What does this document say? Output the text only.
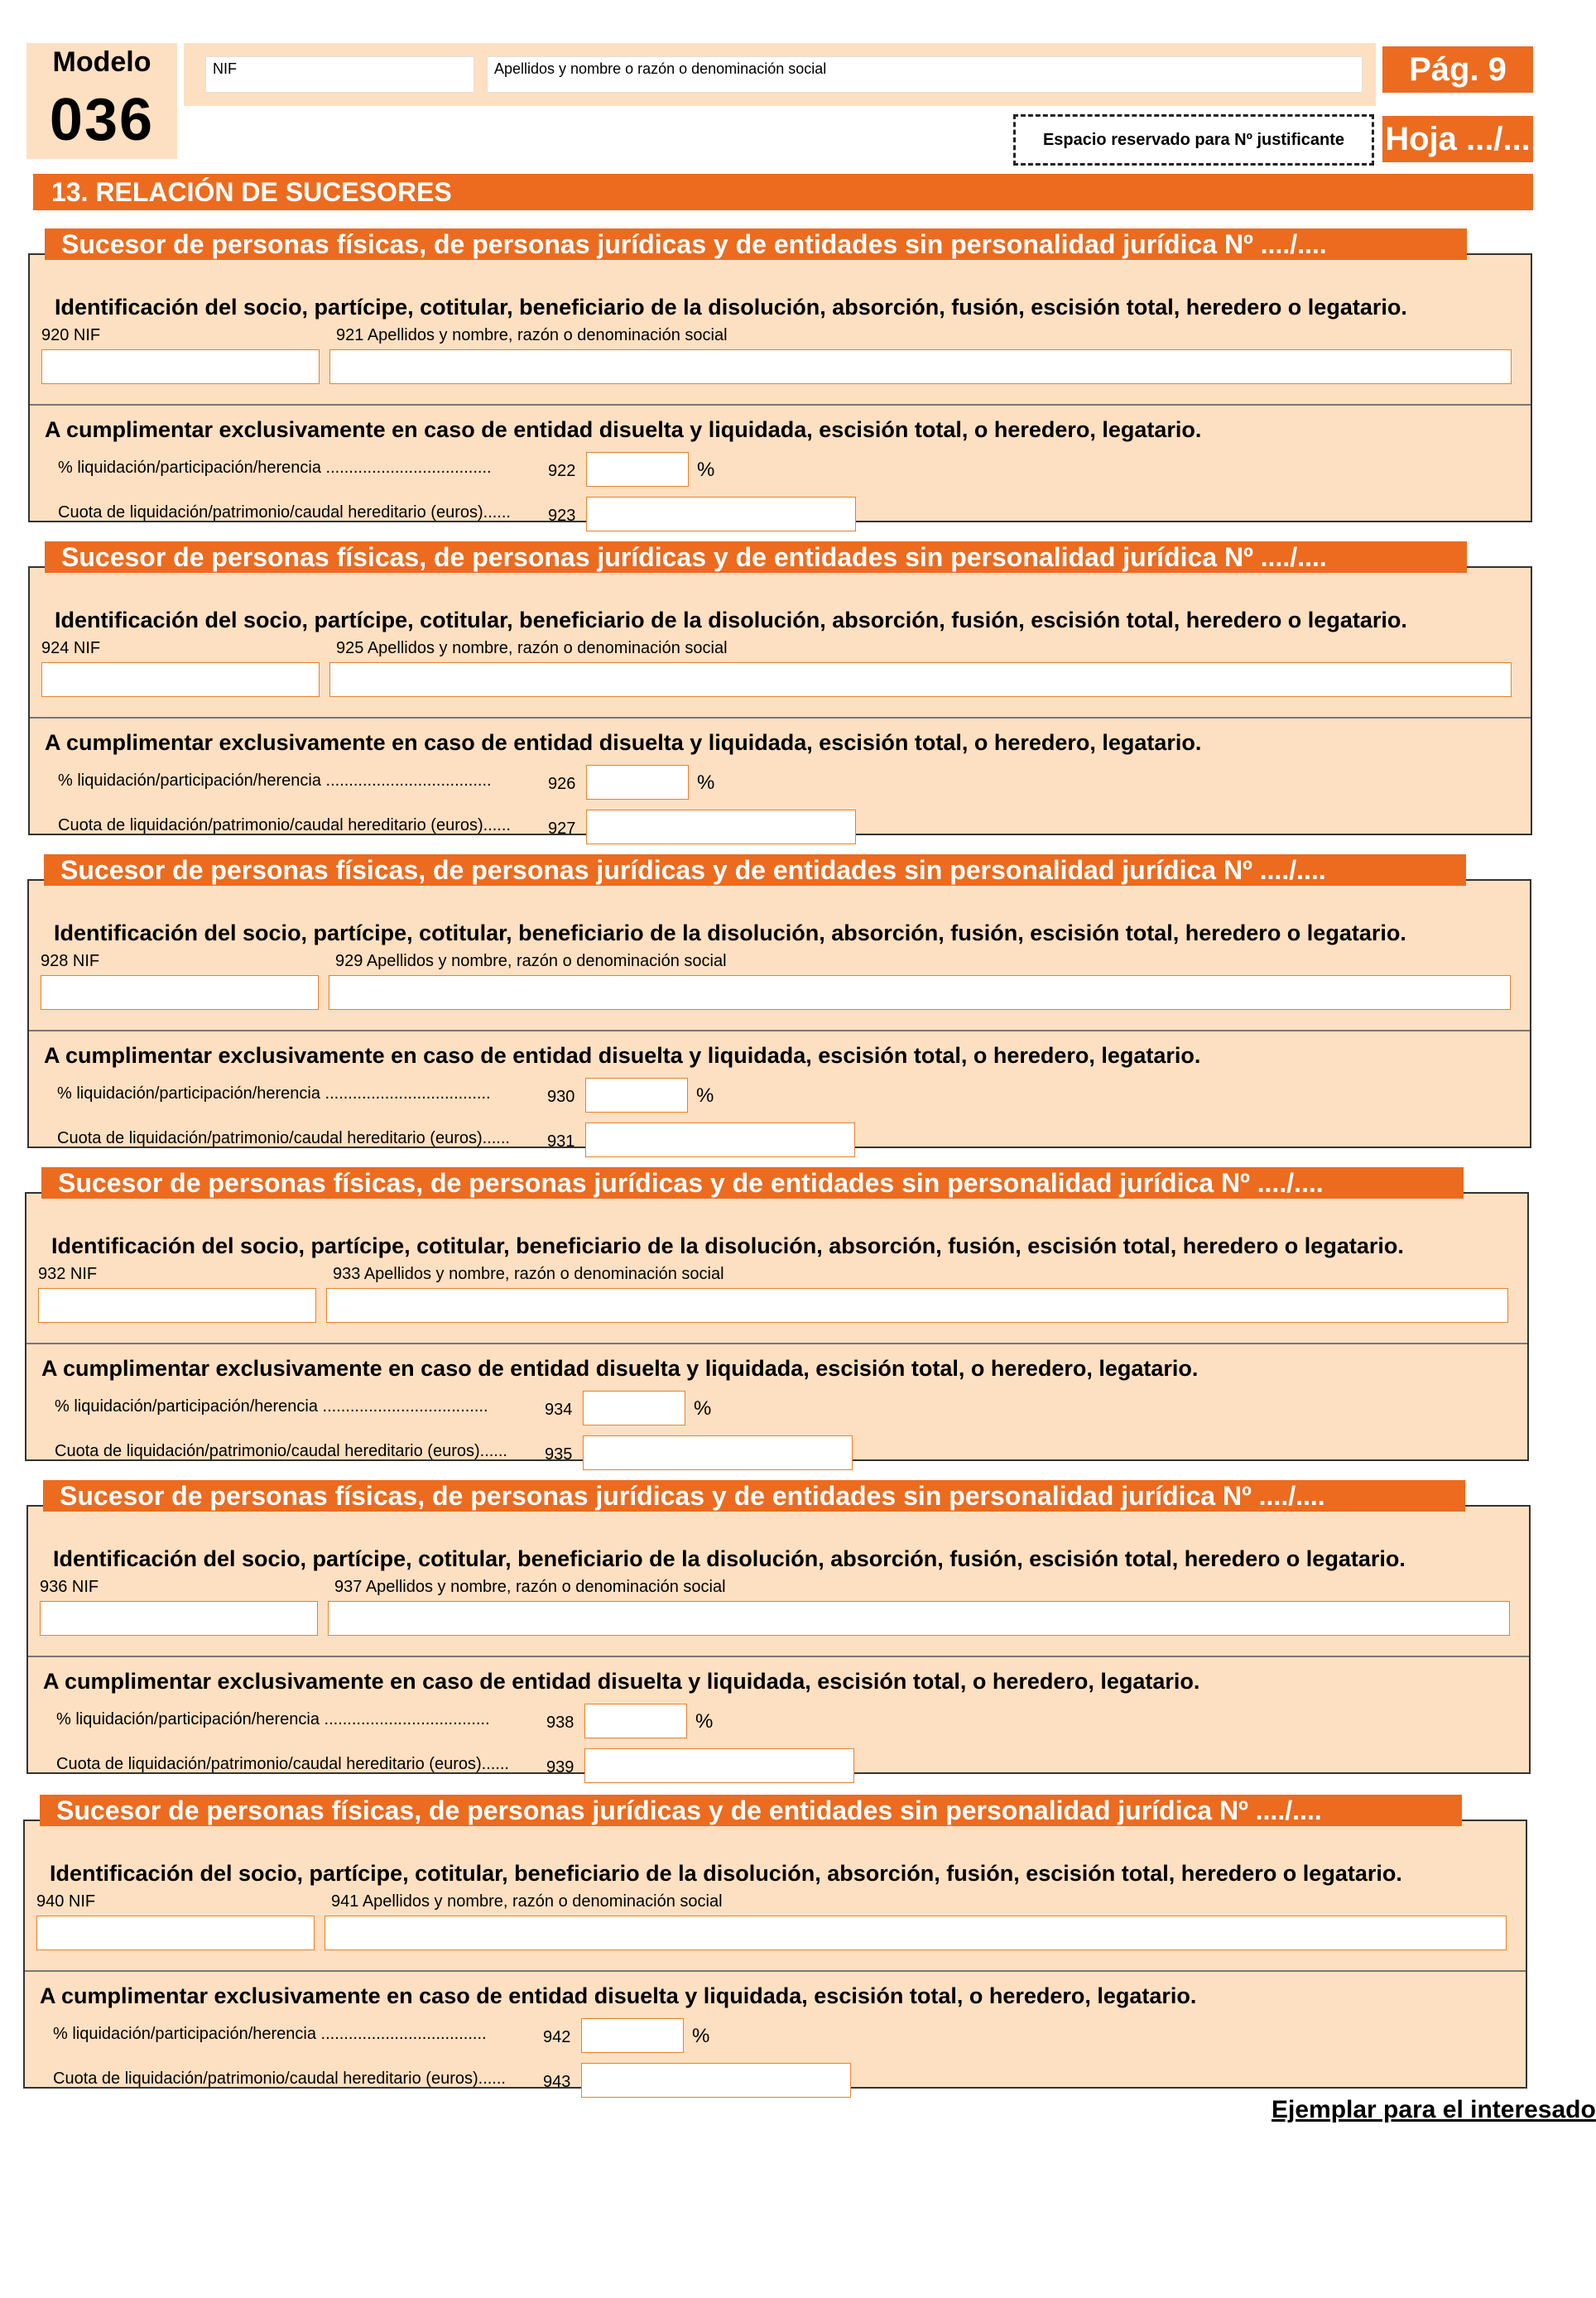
Modelo
036
NIF	Apellidos y nombre o razón o denominación social	Pág. 9
Espacio reservado para Nº justificante	Hoja .../...
13. RELACIÓN DE SUCESORES
Identificación del socio, partícipe, cotitular, beneficiario de la disolución, absorción, fusión, escisión total, heredero o legatario.
920 NIF	921 Apellidos y nombre, razón o denominación social
A cumplimentar exclusivamente en caso de entidad disuelta y liquidada, escisión total, o heredero, legatario.
% liquidación/participación/herencia ....................................	922	%
Cuota de liquidación/patrimonio/caudal hereditario (euros)...... 923
Sucesor de personas físicas, de personas jurídicas y de entidades sin personalidad jurídica Nº ..../....
Identificación del socio, partícipe, cotitular, beneficiario de la disolución, absorción, fusión, escisión total, heredero o legatario.
924 NIF	925 Apellidos y nombre, razón o denominación social
A cumplimentar exclusivamente en caso de entidad disuelta y liquidada, escisión total, o heredero, legatario.
% liquidación/participación/herencia ....................................	926	%
Cuota de liquidación/patrimonio/caudal hereditario (euros)...... 927
Sucesor de personas físicas, de personas jurídicas y de entidades sin personalidad jurídica Nº ..../....
Identificación del socio, partícipe, cotitular, beneficiario de la disolución, absorción, fusión, escisión total, heredero o legatario.
928 NIF	929 Apellidos y nombre, razón o denominación social
A cumplimentar exclusivamente en caso de entidad disuelta y liquidada, escisión total, o heredero, legatario.
% liquidación/participación/herencia ....................................	930	%
Cuota de liquidación/patrimonio/caudal hereditario (euros)...... 931
Sucesor de personas físicas, de personas jurídicas y de entidades sin personalidad jurídica Nº ..../....
Identificación del socio, partícipe, cotitular, beneficiario de la disolución, absorción, fusión, escisión total, heredero o legatario.
932 NIF	933 Apellidos y nombre, razón o denominación social
A cumplimentar exclusivamente en caso de entidad disuelta y liquidada, escisión total, o heredero, legatario.
% liquidación/participación/herencia ....................................	934	%
Cuota de liquidación/patrimonio/caudal hereditario (euros)...... 935
Sucesor de personas físicas, de personas jurídicas y de entidades sin personalidad jurídica Nº ..../....
Identificación del socio, partícipe, cotitular, beneficiario de la disolución, absorción, fusión, escisión total, heredero o legatario.
936 NIF	937 Apellidos y nombre, razón o denominación social
A cumplimentar exclusivamente en caso de entidad disuelta y liquidada, escisión total, o heredero, legatario.
% liquidación/participación/herencia ....................................	938	%
Cuota de liquidación/patrimonio/caudal hereditario (euros)...... 939
Sucesor de personas físicas, de personas jurídicas y de entidades sin personalidad jurídica Nº ..../....
Identificación del socio, partícipe, cotitular, beneficiario de la disolución, absorción, fusión, escisión total, heredero o legatario.
940 NIF	941 Apellidos y nombre, razón o denominación social
A cumplimentar exclusivamente en caso de entidad disuelta y liquidada, escisión total, o heredero, legatario.
% liquidación/participación/herencia ....................................	942	%
Cuota de liquidación/patrimonio/caudal hereditario (euros)...... 943
Sucesor de personas físicas, de personas jurídicas y de entidades sin personalidad jurídica Nº ..../....
Ejemplar para el interesado
